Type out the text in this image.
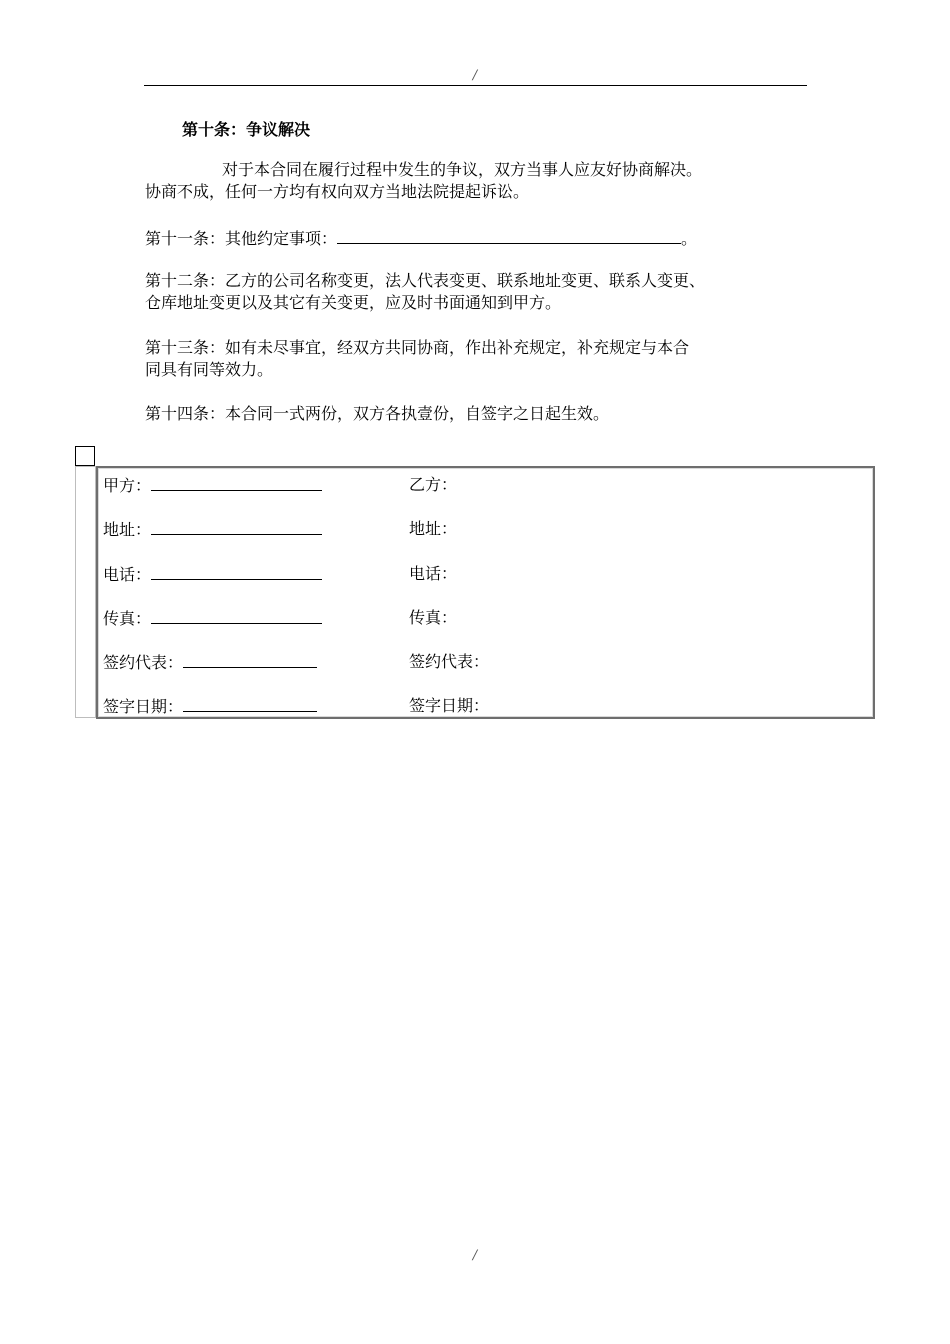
/
第十条：争议解决
对于本合同在履行过程中发生的争议，双方当事人应友好协商解决。
协商不成，任何一方均有权向双方当地法院提起诉讼。
第十一条：其他约定事项：	。
第十二条：乙方的公司名称变更，法人代表变更、联系地址变更、联系人变更、
仓库地址变更以及其它有关变更，应及时书面通知到甲方。
第十三条：如有未尽事宜，经双方共同协商，作出补充规定，补充规定与本合
同具有同等效力。
第十四条：本合同一式两份，双方各执壹份，自签字之日起生效。
甲方：	乙方：
地址：	地址：
电话：	电话：
传真：	传真：
签约代表：	签约代表：
签字日期：	签字日期：
/
